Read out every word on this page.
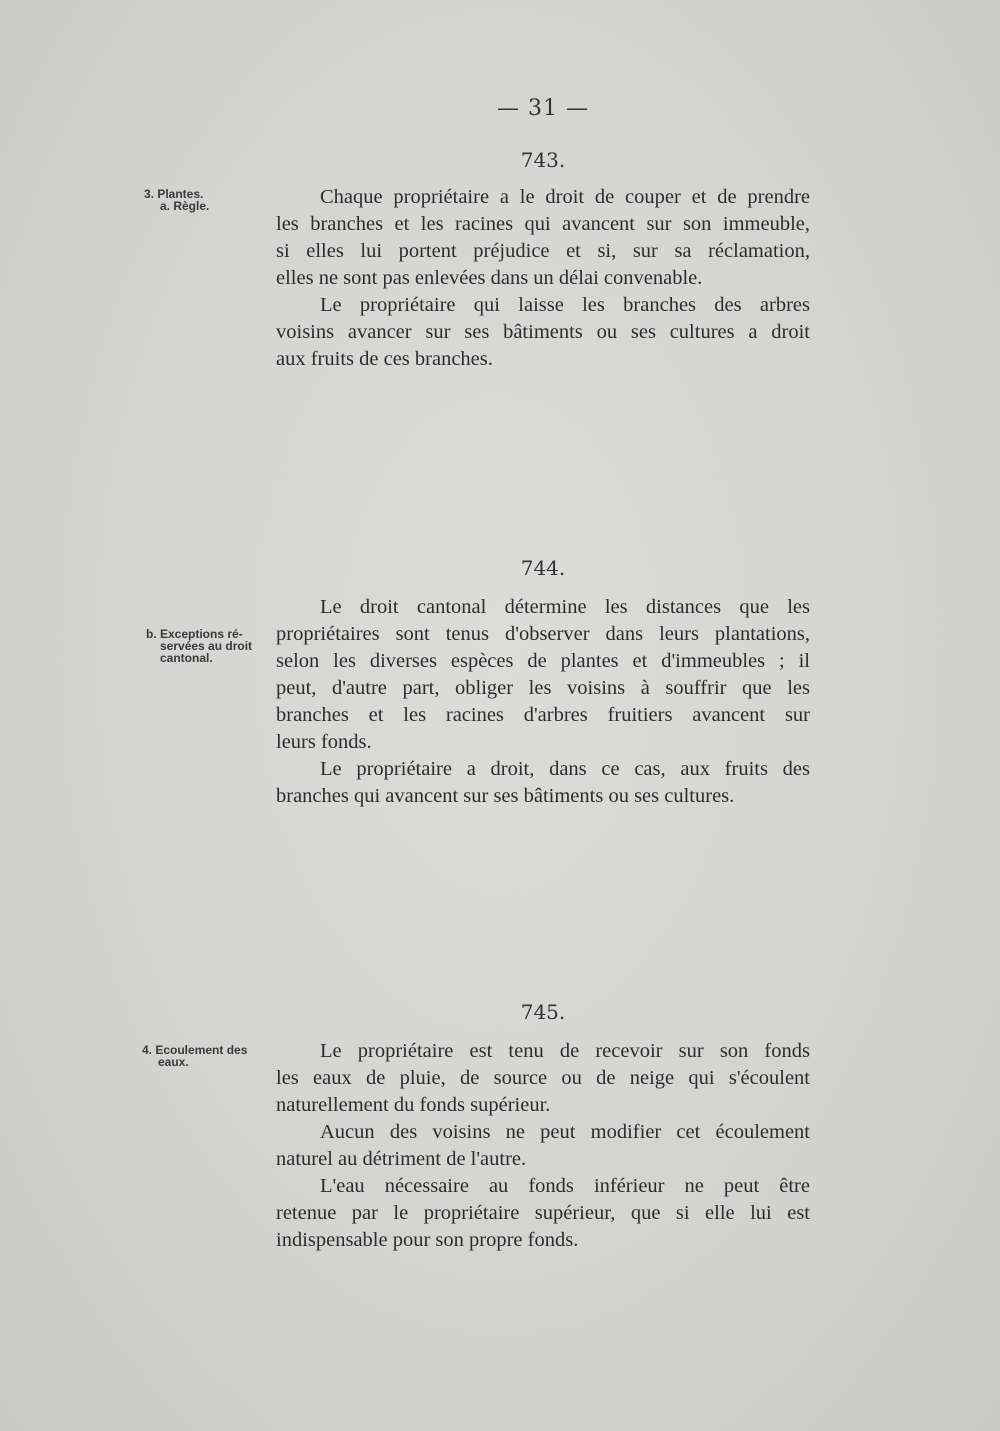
— 31 —
743.
3. Plantes.
a. Règle.	Chaque propriétaire a le droit de couper et de prendre
les branches et les racines qui avancent sur son immeuble,
si elles lui portent préjudice et si, sur sa réclamation,
elles ne sont pas enlevées dans un délai convenable.
Le propriétaire qui laisse les branches des arbres
voisins avancer sur ses bâtiments ou ses cultures a droit
aux fruits de ces branches.
744.
b. Exceptions ré-
servées au droit
cantonal.
Le droit cantonal détermine les distances que les
propriétaires sont tenus d'observer dans leurs plantations,
selon les diverses espèces de plantes et d'immeubles ; il
peut, d'autre part, obliger les voisins à souffrir que les
branches et les racines d'arbres fruitiers avancent sur
leurs fonds.
Le propriétaire a droit, dans ce cas, aux fruits des
branches qui avancent sur ses bâtiments ou ses cultures.
745.
4. Ecoulement des
eaux.	Le propriétaire est tenu de recevoir sur son fonds
les eaux de pluie, de source ou de neige qui s'écoulent
naturellement du fonds supérieur.
Aucun des voisins ne peut modifier cet écoulement
naturel au détriment de l'autre.
L'eau nécessaire au fonds inférieur ne peut être
retenue par le propriétaire supérieur, que si elle lui est
indispensable pour son propre fonds.
